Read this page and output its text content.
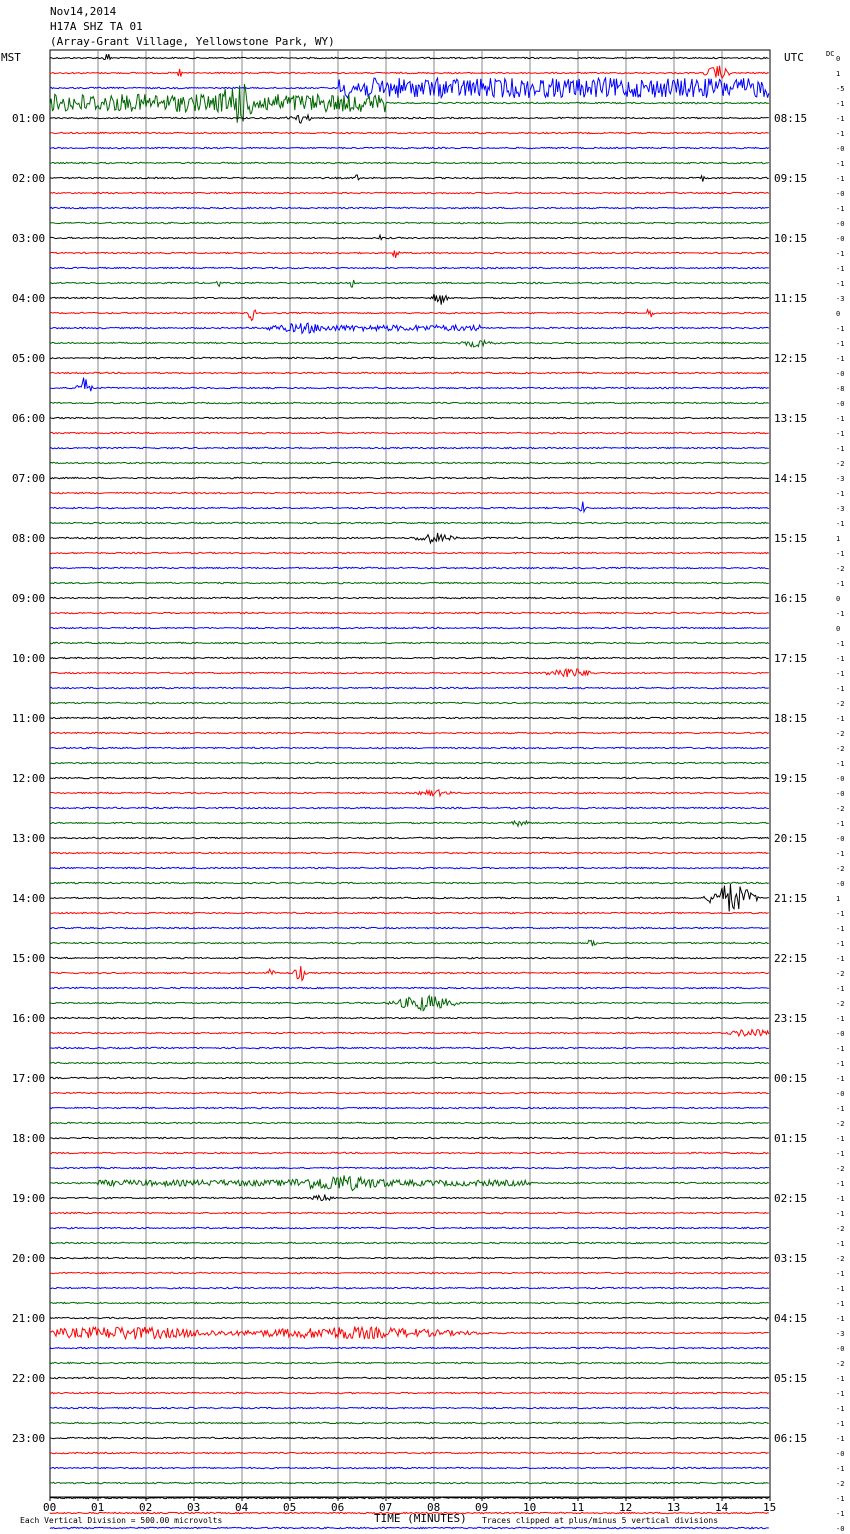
Nov14,2014
H17A SHZ TA 01
(Array-Grant Village, Yellowstone Park, WY)
MST	UTC	DC
01:00
02:00
03:00
04:00
05:00
06:00
07:00
08:00
09:00
10:00
11:00
12:00
13:00
14:00
15:00
16:00
17:00
18:00
19:00
20:00
21:00
22:00
23:00
08:15
09:15
10:15
11:15
12:15
13:15
14:15
15:15
16:15
17:15
18:15
19:15
20:15
21:15
22:15
23:15
00:15
01:15
02:15
03:15
04:15
05:15
06:15
0
1
-5
-1
-1
-1
-0
-1
-1
-0
-1
-0
-0
-1
-1
-1
-3
0
-1
-1
-1
-0
-8
-0
-1
-1
-1
-2
-3
-1
-3
-1
1
-1
-2
-1
0
-1
0
-1
-1
-1
-1
-2
-1
-2
-2
-1
-0
-0
-2
-1
-0
-1
-2
-0
1
-1
-1
-1
-1
-2
-1
-2
-1
-0
-1
-1
-1
-0
-1
-2
-1
-1
-2
-1
-1
-1
-2
-1
-2
-1
-1
-1
-1
-3
-0
-2
-1
-1
-1
-1
-1
-0
-1
-2
-1
-1
-0
00	01	02	03	04	05	06	07	08	09	10	11	12	13	14	15
Each Vertical Division = 500.00 microvolts	TIME (MINUTES) Traces clipped at plus/minus 5 vertical divisions
